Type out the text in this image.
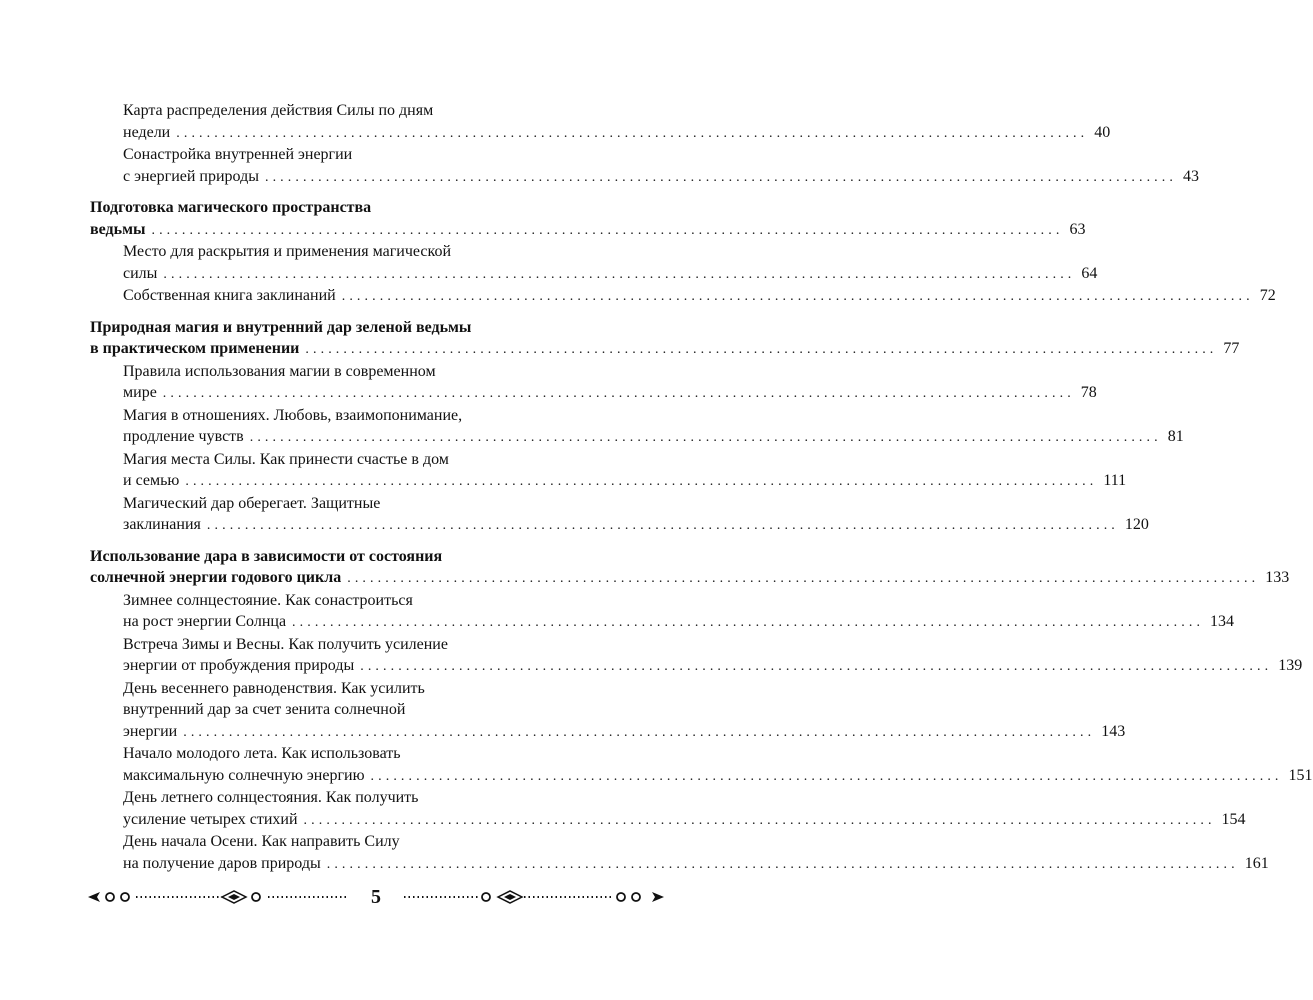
Карта распределения действия Силы по дням
недели ........................................................................................................................ 40
Сонастройка внутренней энергии
с энергией природы ........................................................................................................................ 43
Подготовка магического пространства
ведьмы ........................................................................................................................ 63
Место для раскрытия и применения магической
силы ........................................................................................................................ 64
Собственная книга заклинаний ........................................................................................................................ 72
Природная магия и внутренний дар зеленой ведьмы
в практическом применении ........................................................................................................................ 77
Правила использования магии в современном
мире ........................................................................................................................ 78
Магия в отношениях. Любовь, взаимопонимание,
продление чувств ........................................................................................................................ 81
Магия места Силы. Как принести счастье в дом
и семью ........................................................................................................................ 111
Магический дар оберегает. Защитные
заклинания ........................................................................................................................ 120
Использование дара в зависимости от состояния
солнечной энергии годового цикла ........................................................................................................................ 133
Зимнее солнцестояние. Как сонастроиться
на рост энергии Солнца ........................................................................................................................ 134
Встреча Зимы и Весны. Как получить усиление
энергии от пробуждения природы ........................................................................................................................ 139
День весеннего равноденствия. Как усилить
внутренний дар за счет зенита солнечной
энергии ........................................................................................................................ 143
Начало молодого лета. Как использовать
максимальную солнечную энергию ........................................................................................................................ 151
День летнего солнцестояния. Как получить
усиление четырех стихий ........................................................................................................................ 154
День начала Осени. Как направить Силу
на получение даров природы ........................................................................................................................ 161
5
